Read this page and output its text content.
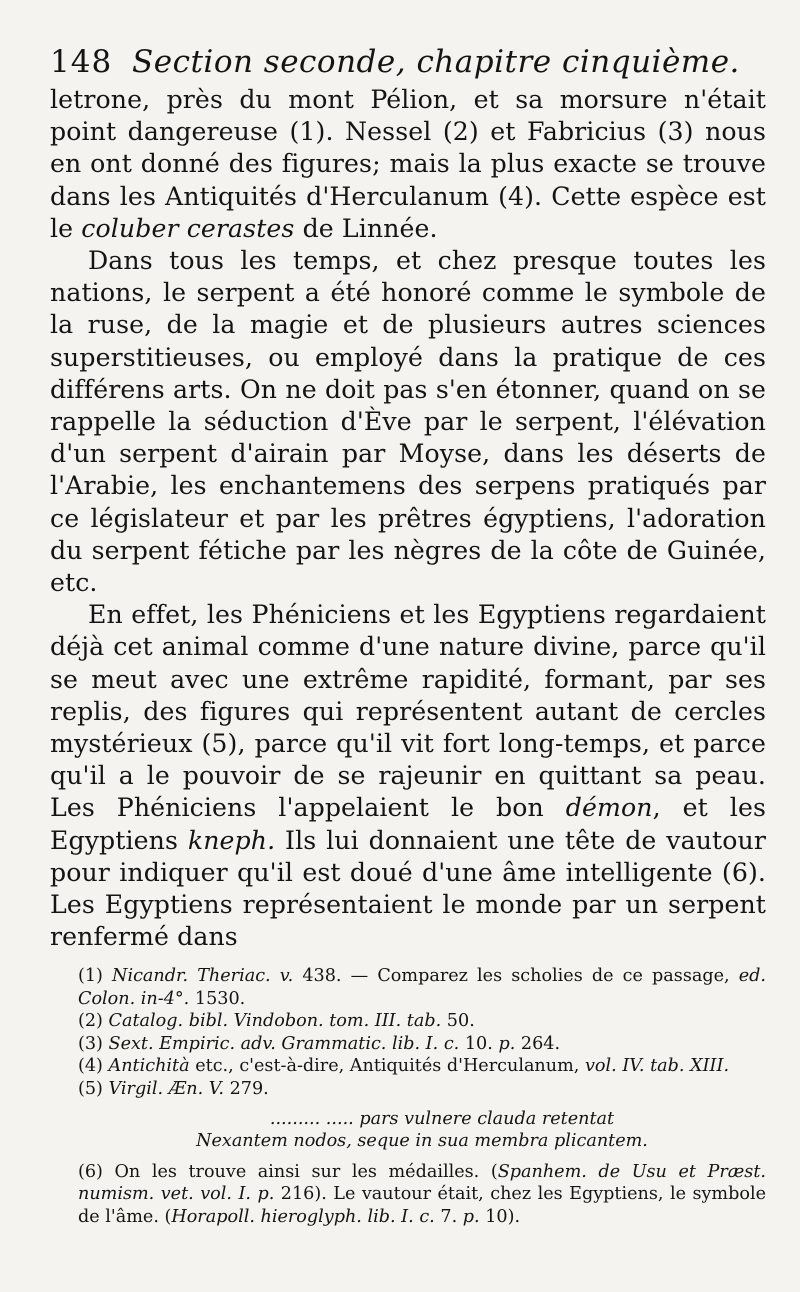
148 Section seconde, chapitre cinquième.

letrone, près du mont Pélion, et sa morsure n'était point dangereuse (1). Nessel (2) et Fabricius (3) nous en ont donné des figures; mais la plus exacte se trouve dans les Antiquités d'Herculanum (4). Cette espèce est le coluber cerastes de Linnée.

Dans tous les temps, et chez presque toutes les nations, le serpent a été honoré comme le symbole de la ruse, de la magie et de plusieurs autres sciences superstitieuses, ou employé dans la pratique de ces différens arts. On ne doit pas s'en étonner, quand on se rappelle la séduction d'Ève par le serpent, l'élévation d'un serpent d'airain par Moyse, dans les déserts de l'Arabie, les enchantemens des serpens pratiqués par ce législateur et par les prêtres égyptiens, l'adoration du serpent fétiche par les nègres de la côte de Guinée, etc.

En effet, les Phéniciens et les Egyptiens regardaient déjà cet animal comme d'une nature divine, parce qu'il se meut avec une extrême rapidité, formant, par ses replis, des figures qui représentent autant de cercles mystérieux (5), parce qu'il vit fort long-temps, et parce qu'il a le pouvoir de se rajeunir en quittant sa peau. Les Phéniciens l'appelaient le bon démon, et les Egyptiens kneph. Ils lui donnaient une tête de vautour pour indiquer qu'il est doué d'une âme intelligente (6). Les Egyptiens représentaient le monde par un serpent renfermé dans

(1) Nicandr. Theriac. v. 438. — Comparez les scholies de ce passage, ed. Colon. in-4°. 1530.

(2) Catalog. bibl. Vindobon. tom. III. tab. 50.

(3) Sext. Empiric. adv. Grammatic. lib. I. c. 10. p. 264.

(4) Antichità etc., c'est-à-dire, Antiquités d'Herculanum, vol. IV. tab. XIII.

(5) Virgil. Æn. V. 279.

......... ..... pars vulnere clauda retentat
Nexantem nodos, seque in sua membra plicantem.

(6) On les trouve ainsi sur les médailles. (Spanhem. de Usu et Præst. numism. vet. vol. I. p. 216). Le vautour était, chez les Egyptiens, le symbole de l'âme. (Horapoll. hieroglyph. lib. I. c. 7. p. 10).
